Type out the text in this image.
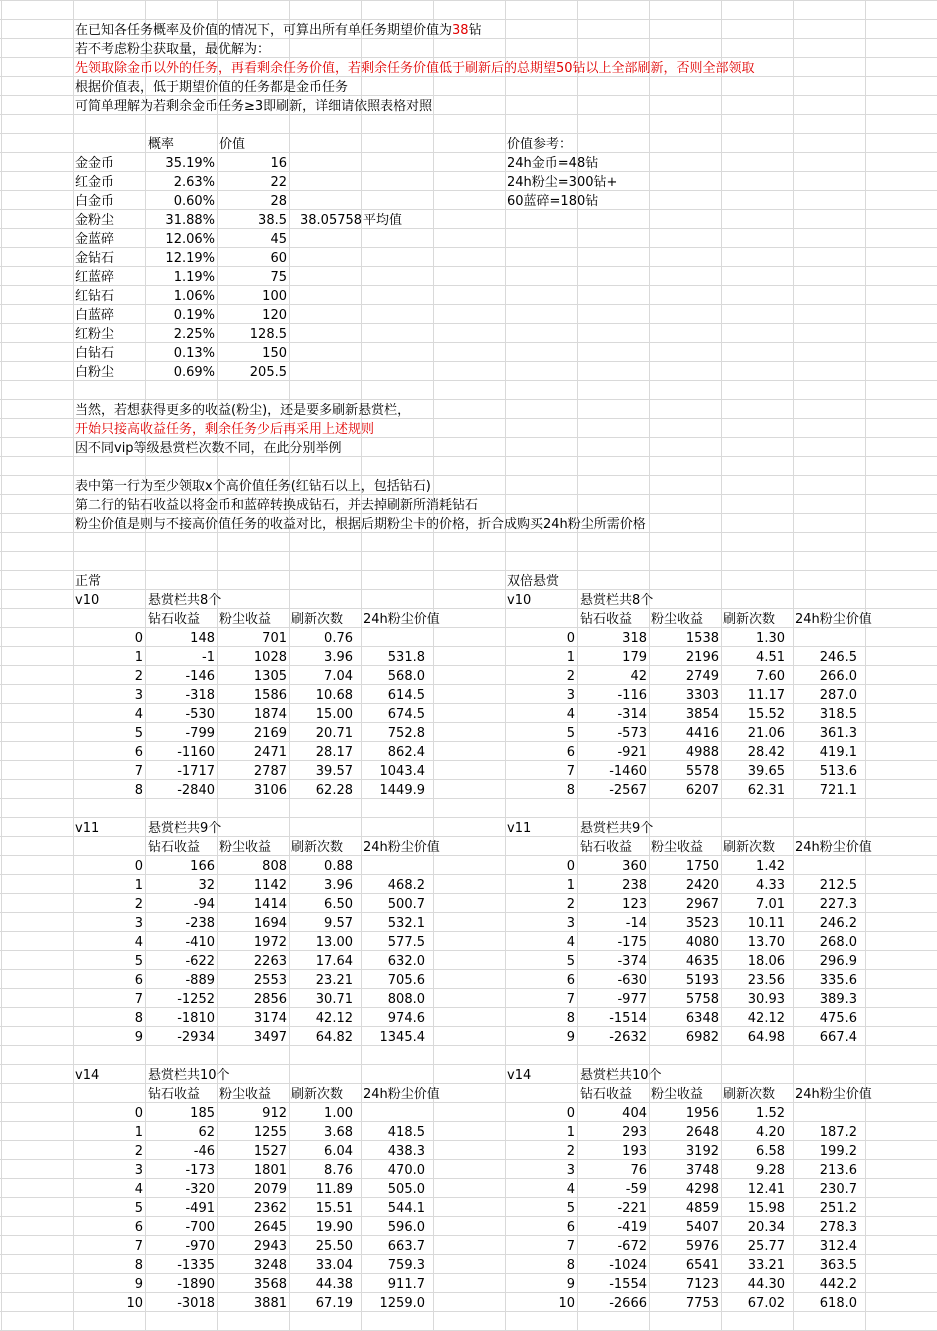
在已知各任务概率及价值的情况下，可算出所有单任务期望价值为38钻
若不考虑粉尘获取量，最优解为：
先领取除金币以外的任务，再看剩余任务价值，若剩余任务价值低于刷新后的总期望50钻以上全部刷新，否则全部领取
根据价值表，低于期望价值的任务都是金币任务
可简单理解为若剩余金币任务≥3即刷新，详细请依照表格对照
概率	价值
金金币	35.19%	16
红金币	2.63%	22
白金币	0.60%	28
金粉尘	31.88%	38.5
金蓝碎	12.06%	45
金钻石	12.19%	60
红蓝碎	1.19%	75
红钻石	1.06%	100
白蓝碎	0.19%	120
红粉尘	2.25%	128.5
白钻石	0.13%	150
白粉尘	0.69%	205.5
38.05758 平均值
价值参考：
24h金币=48钻
24h粉尘=300钻+
60蓝碎=180钻
当然，若想获得更多的收益(粉尘)，还是要多刷新悬赏栏，
开始只接高收益任务，剩余任务少后再采用上述规则
因不同vip等级悬赏栏次数不同，在此分别举例
表中第一行为至少领取x个高价值任务(红钻石以上，包括钻石)
第二行的钻石收益以将金币和蓝碎转换成钻石，并去掉刷新所消耗钻石
粉尘价值是则与不接高价值任务的收益对比，根据后期粉尘卡的价格，折合成购买24h粉尘所需价格
正常	双倍悬赏
v10	悬赏栏共8个
钻石收益 粉尘收益 刷新次数 24h粉尘价值
0	148	701	0.76
1	-1	1028	3.96	531.8
2	-146	1305	7.04	568.0
3	-318	1586	10.68	614.5
4	-530	1874	15.00	674.5
5	-799	2169	20.71	752.8
6	-1160	2471	28.17	862.4
7	-1717	2787	39.57	1043.4
8	-2840	3106	62.28	1449.9
v10	悬赏栏共8个
钻石收益 粉尘收益 刷新次数 24h粉尘价值
0	318	1538	1.30
1	179	2196	4.51	246.5
2	42	2749	7.60	266.0
3	-116	3303	11.17	287.0
4	-314	3854	15.52	318.5
5	-573	4416	21.06	361.3
6	-921	4988	28.42	419.1
7	-1460	5578	39.65	513.6
8	-2567	6207	62.31	721.1
v11	悬赏栏共9个
钻石收益 粉尘收益 刷新次数 24h粉尘价值
0	166	808	0.88
1	32	1142	3.96	468.2
2	-94	1414	6.50	500.7
3	-238	1694	9.57	532.1
4	-410	1972	13.00	577.5
5	-622	2263	17.64	632.0
6	-889	2553	23.21	705.6
7	-1252	2856	30.71	808.0
8	-1810	3174	42.12	974.6
9	-2934	3497	64.82	1345.4
v11	悬赏栏共9个
钻石收益 粉尘收益 刷新次数 24h粉尘价值
0	360	1750	1.42
1	238	2420	4.33	212.5
2	123	2967	7.01	227.3
3	-14	3523	10.11	246.2
4	-175	4080	13.70	268.0
5	-374	4635	18.06	296.9
6	-630	5193	23.56	335.6
7	-977	5758	30.93	389.3
8	-1514	6348	42.12	475.6
9	-2632	6982	64.98	667.4
v14	悬赏栏共10个
钻石收益 粉尘收益 刷新次数 24h粉尘价值
0	185	912	1.00
1	62	1255	3.68	418.5
2	-46	1527	6.04	438.3
3	-173	1801	8.76	470.0
4	-320	2079	11.89	505.0
5	-491	2362	15.51	544.1
6	-700	2645	19.90	596.0
7	-970	2943	25.50	663.7
8	-1335	3248	33.04	759.3
9	-1890	3568	44.38	911.7
10	-3018	3881	67.19	1259.0
v14	悬赏栏共10个
钻石收益 粉尘收益 刷新次数 24h粉尘价值
0	404	1956	1.52
1	293	2648	4.20	187.2
2	193	3192	6.58	199.2
3	76	3748	9.28	213.6
4	-59	4298	12.41	230.7
5	-221	4859	15.98	251.2
6	-419	5407	20.34	278.3
7	-672	5976	25.77	312.4
8	-1024	6541	33.21	363.5
9	-1554	7123	44.30	442.2
10	-2666	7753	67.02	618.0
